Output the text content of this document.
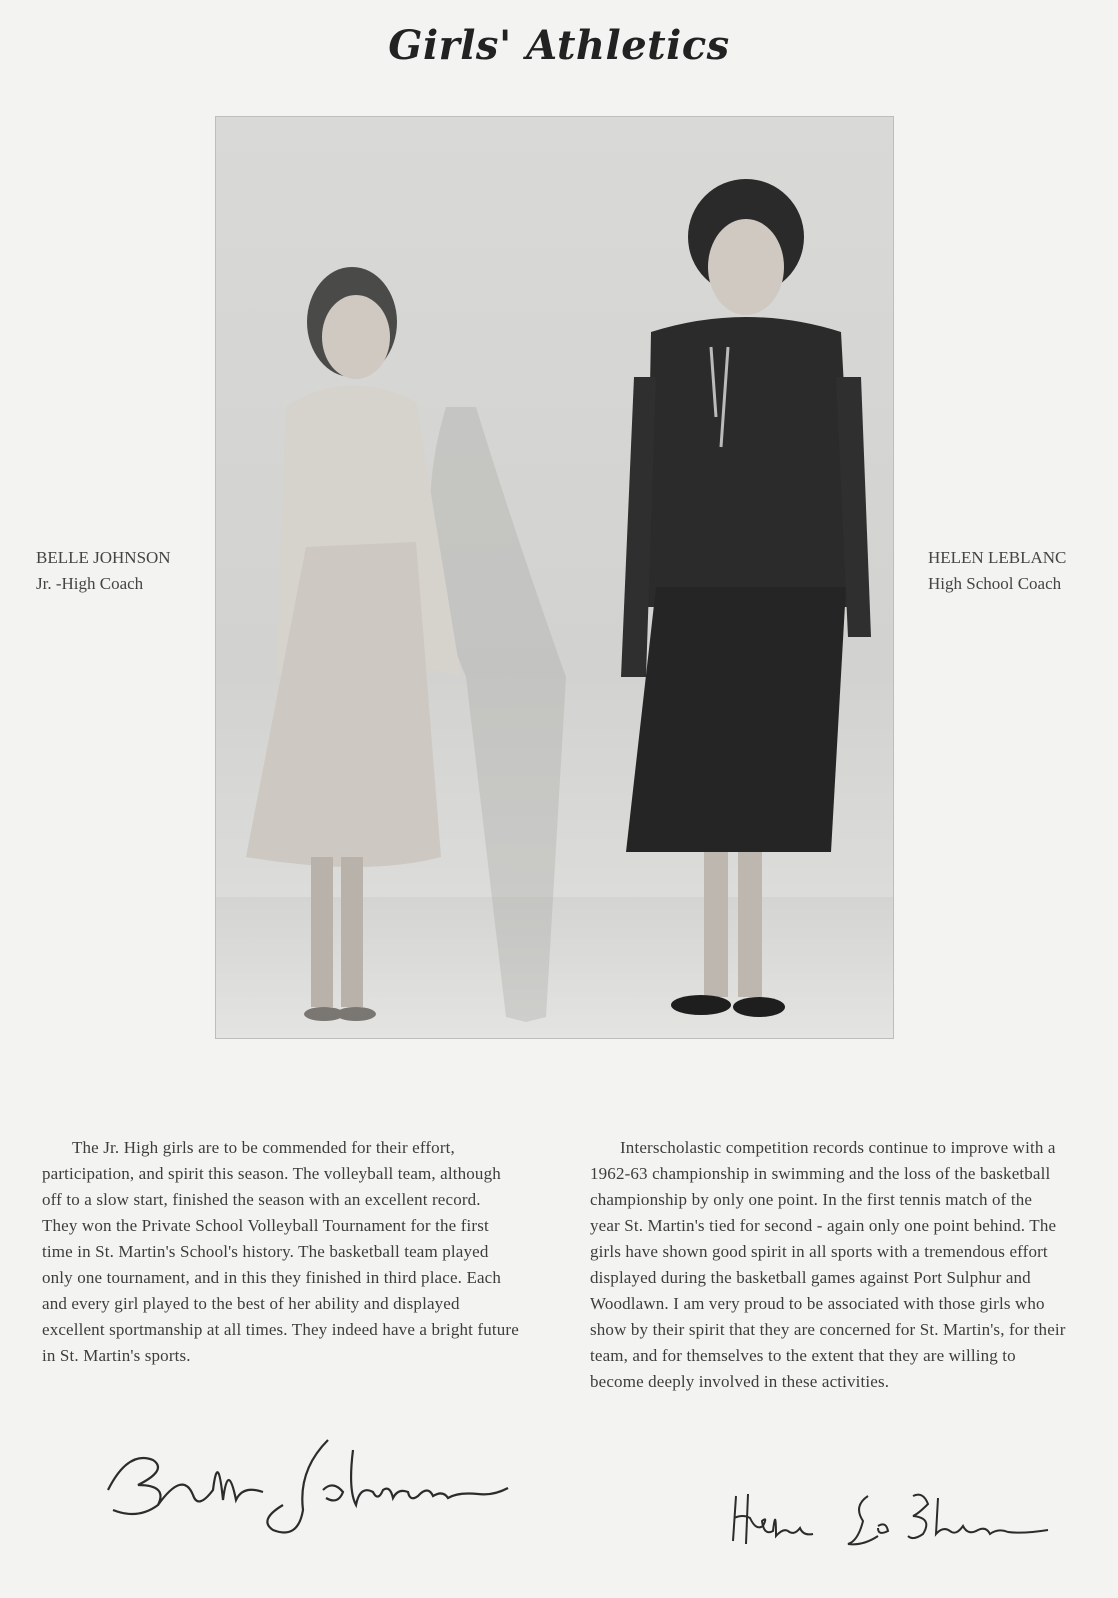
Girls' Athletics
BELLE JOHNSON
Jr. -High Coach
HELEN LEBLANC
High School Coach
The Jr. High girls are to be commended for their effort, participation, and spirit this season. The volleyball team, although off to a slow start, finished the season with an excellent record. They won the Private School Volleyball Tournament for the first time in St. Martin's School's history. The basketball team played only one tournament, and in this they finished in third place. Each and every girl played to the best of her ability and displayed excellent sportmanship at all times. They indeed have a bright future in St. Martin's sports.
Interscholastic competition records continue to improve with a 1962-63 championship in swimming and the loss of the basketball championship by only one point. In the first tennis match of the year St. Martin's tied for second - again only one point behind. The girls have shown good spirit in all sports with a tremendous effort displayed during the basketball games against Port Sulphur and Woodlawn. I am very proud to be associated with those girls who show by their spirit that they are concerned for St. Martin's, for their team, and for themselves to the extent that they are willing to become deeply involved in these activities.
